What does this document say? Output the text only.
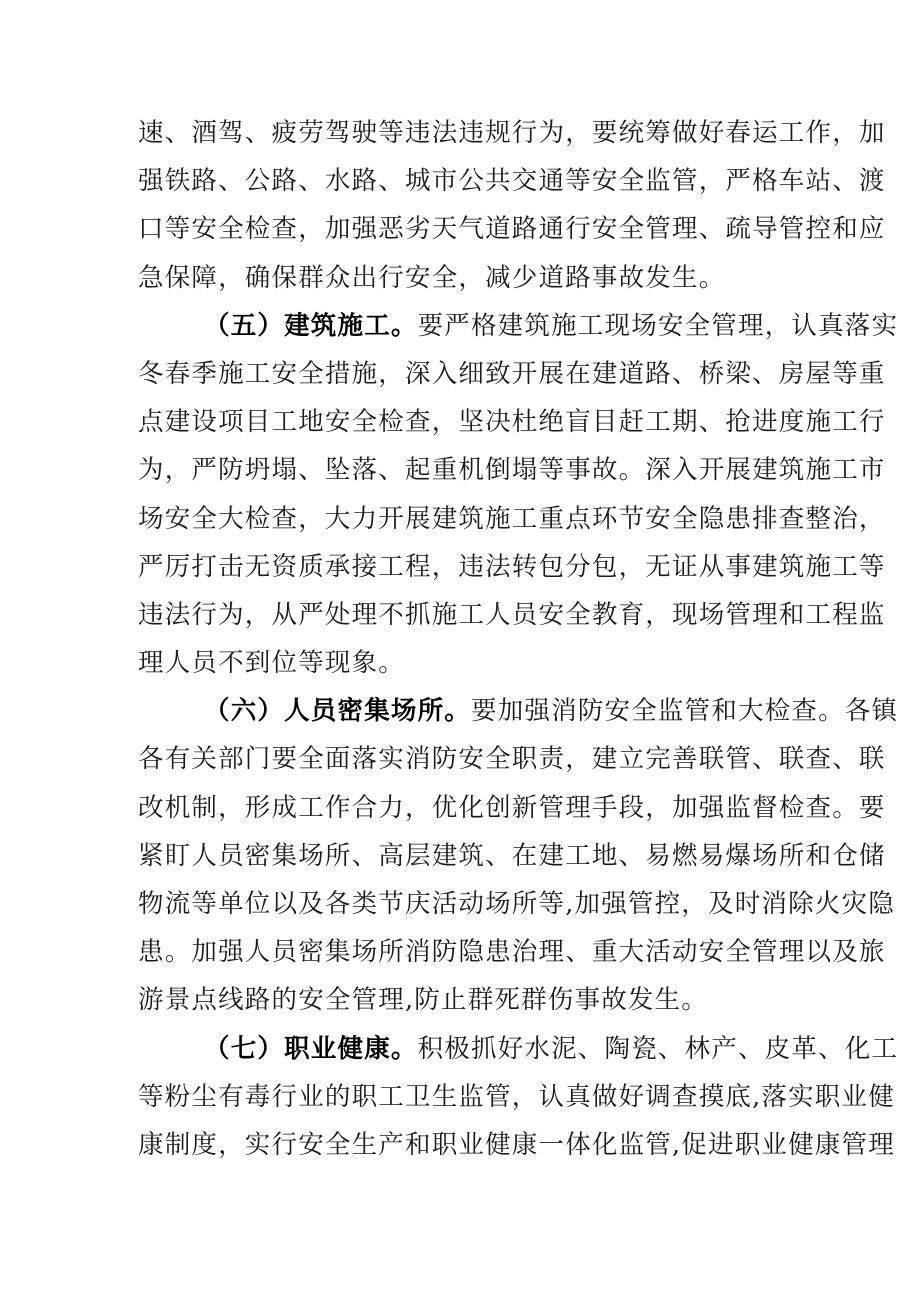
速、酒驾、疲劳驾驶等违法违规行为，要统筹做好春运工作，加
强铁路、公路、水路、城市公共交通等安全监管，严格车站、渡
口等安全检查，加强恶劣天气道路通行安全管理、疏导管控和应
急保障，确保群众出行安全，减少道路事故发生。
（五）建筑施工。要严格建筑施工现场安全管理，认真落实
冬春季施工安全措施，深入细致开展在建道路、桥梁、房屋等重
点建设项目工地安全检查，坚决杜绝盲目赶工期、抢进度施工行
为，严防坍塌、坠落、起重机倒塌等事故。深入开展建筑施工市
场安全大检查，大力开展建筑施工重点环节安全隐患排查整治，
严厉打击无资质承接工程，违法转包分包，无证从事建筑施工等
违法行为，从严处理不抓施工人员安全教育，现场管理和工程监
理人员不到位等现象。
（六）人员密集场所。要加强消防安全监管和大检查。各镇
各有关部门要全面落实消防安全职责，建立完善联管、联查、联
改机制，形成工作合力，优化创新管理手段，加强监督检查。要
紧盯人员密集场所、高层建筑、在建工地、易燃易爆场所和仓储
物流等单位以及各类节庆活动场所等,加强管控，及时消除火灾隐
患。加强人员密集场所消防隐患治理、重大活动安全管理以及旅
游景点线路的安全管理,防止群死群伤事故发生。
（七）职业健康。积极抓好水泥、陶瓷、林产、皮革、化工
等粉尘有毒行业的职工卫生监管，认真做好调查摸底,落实职业健
康制度，实行安全生产和职业健康一体化监管,促进职业健康管理
